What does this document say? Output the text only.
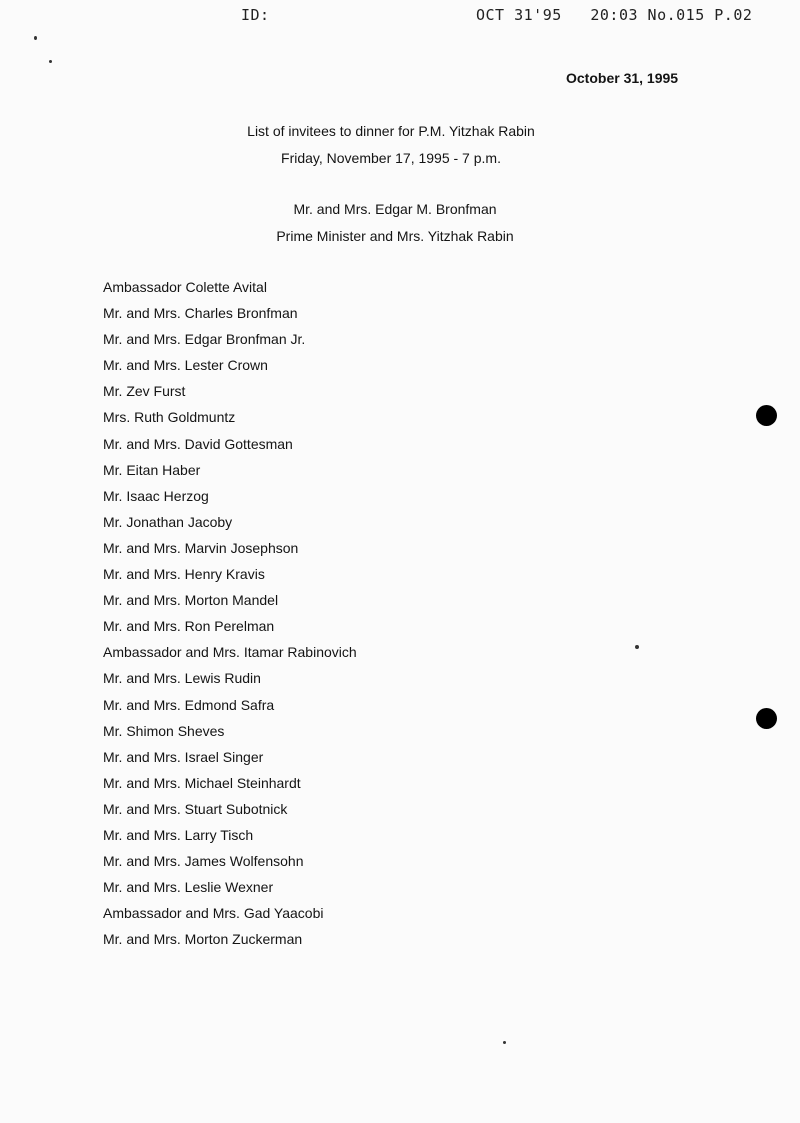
ID:	OCT 31'95   20:03 No.015 P.02
October 31, 1995
List of invitees to dinner for P.M. Yitzhak Rabin
Friday, November 17, 1995 - 7 p.m.
Mr. and Mrs. Edgar M. Bronfman
Prime Minister and Mrs. Yitzhak Rabin
Ambassador Colette Avital
Mr. and Mrs. Charles Bronfman
Mr. and Mrs. Edgar Bronfman Jr.
Mr. and Mrs. Lester Crown
Mr. Zev Furst
Mrs. Ruth Goldmuntz
Mr. and Mrs. David Gottesman
Mr. Eitan Haber
Mr. Isaac Herzog
Mr. Jonathan Jacoby
Mr. and Mrs. Marvin Josephson
Mr. and Mrs. Henry Kravis
Mr. and Mrs. Morton Mandel
Mr. and Mrs. Ron Perelman
Ambassador and Mrs. Itamar Rabinovich
Mr. and Mrs. Lewis Rudin
Mr. and Mrs. Edmond Safra
Mr. Shimon Sheves
Mr. and Mrs. Israel Singer
Mr. and Mrs. Michael Steinhardt
Mr. and Mrs. Stuart Subotnick
Mr. and Mrs. Larry Tisch
Mr. and Mrs. James Wolfensohn
Mr. and Mrs. Leslie Wexner
Ambassador and Mrs. Gad Yaacobi
Mr. and Mrs. Morton Zuckerman
